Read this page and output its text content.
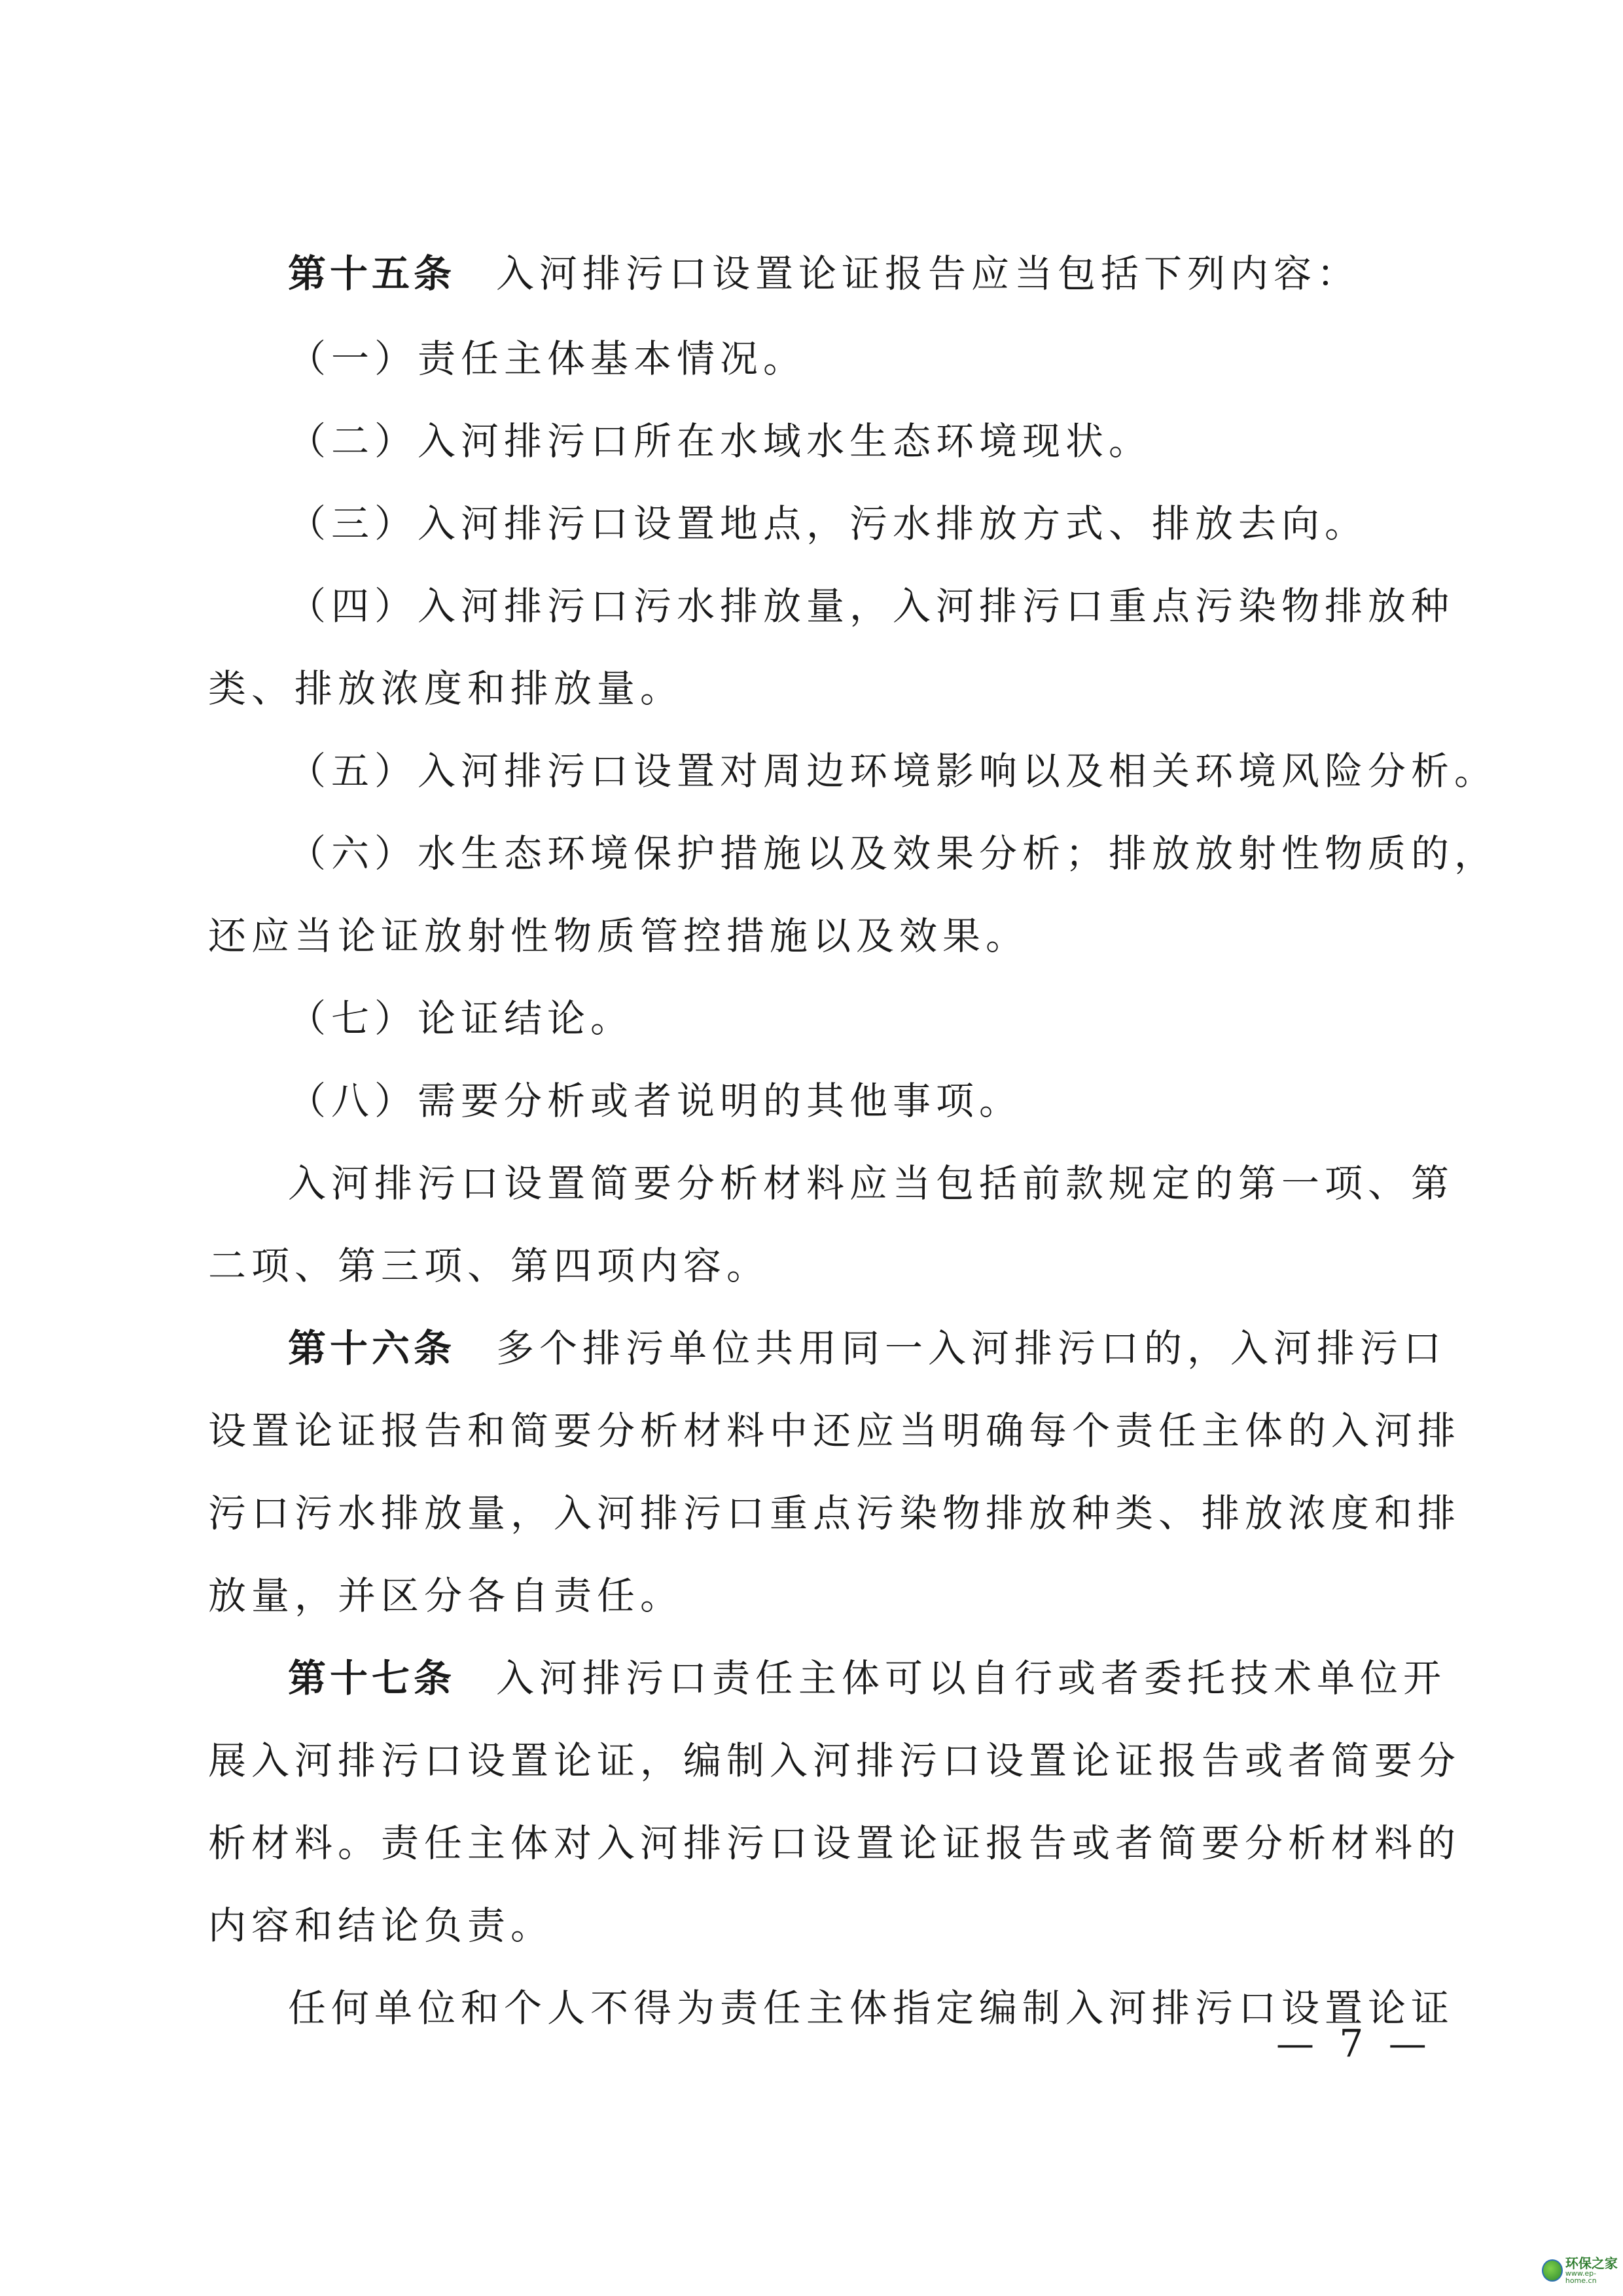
第十五条 入河排污口设置论证报告应当包括下列内容：
（一）责任主体基本情况。
（二）入河排污口所在水域水生态环境现状。
（三）入河排污口设置地点，污水排放方式、排放去向。
（四）入河排污口污水排放量，入河排污口重点污染物排放种
类、排放浓度和排放量。
（五）入河排污口设置对周边环境影响以及相关环境风险分析。
（六）水生态环境保护措施以及效果分析；排放放射性物质的，
还应当论证放射性物质管控措施以及效果。
（七）论证结论。
（八）需要分析或者说明的其他事项。
入河排污口设置简要分析材料应当包括前款规定的第一项、第
二项、第三项、第四项内容。
第十六条 多个排污单位共用同一入河排污口的，入河排污口
设置论证报告和简要分析材料中还应当明确每个责任主体的入河排
污口污水排放量，入河排污口重点污染物排放种类、排放浓度和排
放量，并区分各自责任。
第十七条 入河排污口责任主体可以自行或者委托技术单位开
展入河排污口设置论证，编制入河排污口设置论证报告或者简要分
析材料。责任主体对入河排污口设置论证报告或者简要分析材料的
内容和结论负责。
任何单位和个人不得为责任主体指定编制入河排污口设置论证
— 7 —
环保之家
www.ep-home.cn
